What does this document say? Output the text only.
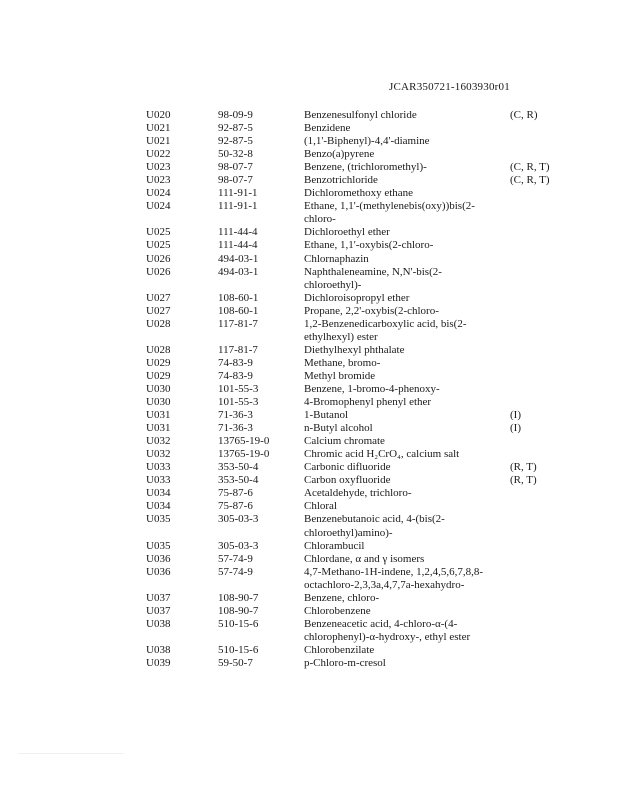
JCAR350721-1603930r01
U020	98-09-9	Benzenesulfonyl chloride	(C, R)
U021	92-87-5	Benzidene
U021	92-87-5	(1,1'-Biphenyl)-4,4'-diamine
U022	50-32-8	Benzo(a)pyrene
U023	98-07-7	Benzene, (trichloromethyl)-	(C, R, T)
U023	98-07-7	Benzotrichloride	(C, R, T)
U024	111-91-1	Dichloromethoxy ethane
U024	111-91-1	Ethane, 1,1'-(methylenebis(oxy))bis(2-
chloro-
U025	111-44-4	Dichloroethyl ether
U025	111-44-4	Ethane, 1,1'-oxybis(2-chloro-
U026	494-03-1	Chlornaphazin
U026	494-03-1	Naphthaleneamine, N,N'-bis(2-
chloroethyl)-
U027	108-60-1	Dichloroisopropyl ether
U027	108-60-1	Propane, 2,2'-oxybis(2-chloro-
U028	117-81-7	1,2-Benzenedicarboxylic acid, bis(2-
ethylhexyl) ester
U028	117-81-7	Diethylhexyl phthalate
U029	74-83-9	Methane, bromo-
U029	74-83-9	Methyl bromide
U030	101-55-3	Benzene, 1-bromo-4-phenoxy-
U030	101-55-3	4-Bromophenyl phenyl ether
U031	71-36-3	1-Butanol	(I)
U031	71-36-3	n-Butyl alcohol	(I)
U032	13765-19-0	Calcium chromate
U032	13765-19-0	Chromic acid H₂CrO₄, calcium salt
U033	353-50-4	Carbonic difluoride	(R, T)
U033	353-50-4	Carbon oxyfluoride	(R, T)
U034	75-87-6	Acetaldehyde, trichloro-
U034	75-87-6	Chloral
U035	305-03-3	Benzenebutanoic acid, 4-(bis(2-
chloroethyl)amino)-
U035	305-03-3	Chlorambucil
U036	57-74-9	Chlordane, α and γ isomers
U036	57-74-9	4,7-Methano-1H-indene, 1,2,4,5,6,7,8,8-
octachloro-2,3,3a,4,7,7a-hexahydro-
U037	108-90-7	Benzene, chloro-
U037	108-90-7	Chlorobenzene
U038	510-15-6	Benzeneacetic acid, 4-chloro-α-(4-
chlorophenyl)-α-hydroxy-, ethyl ester
U038	510-15-6	Chlorobenzilate
U039	59-50-7	p-Chloro-m-cresol
